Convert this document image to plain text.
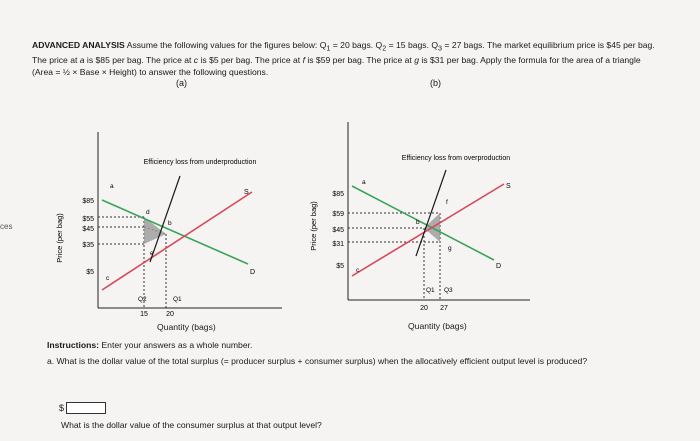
ces
ADVANCED ANALYSIS Assume the following values for the figures below: $Q_1 = 20$ bags. $Q_2 = 15$ bags. $Q_3 = 27$ bags. The market equilibrium price is $45 per bag. The price at a is $85 per bag. The price at c is $5 per bag. The price at f is $59 per bag. The price at g is $31 per bag. Apply the formula for the area of a triangle (Area = ½ × Base × Height) to answer the following questions.
(a)	(b)
Price (per bag)
Efficiency loss from underproduction
$85
$55
$45
$35
$5
15	20
Q2	Q1
a
b
c
d
e
S
D
Quantity (bags)
Price (per bag)
Efficiency loss from overproduction
$85
$59
$45
$31
$5
20 27
Q1 Q3
a
b
c
f
g
S
D
Quantity (bags)
Instructions: Enter your answers as a whole number.
a. What is the dollar value of the total surplus (= producer surplus + consumer surplus) when the allocatively efficient output level is produced?
$
What is the dollar value of the consumer surplus at that output level?
